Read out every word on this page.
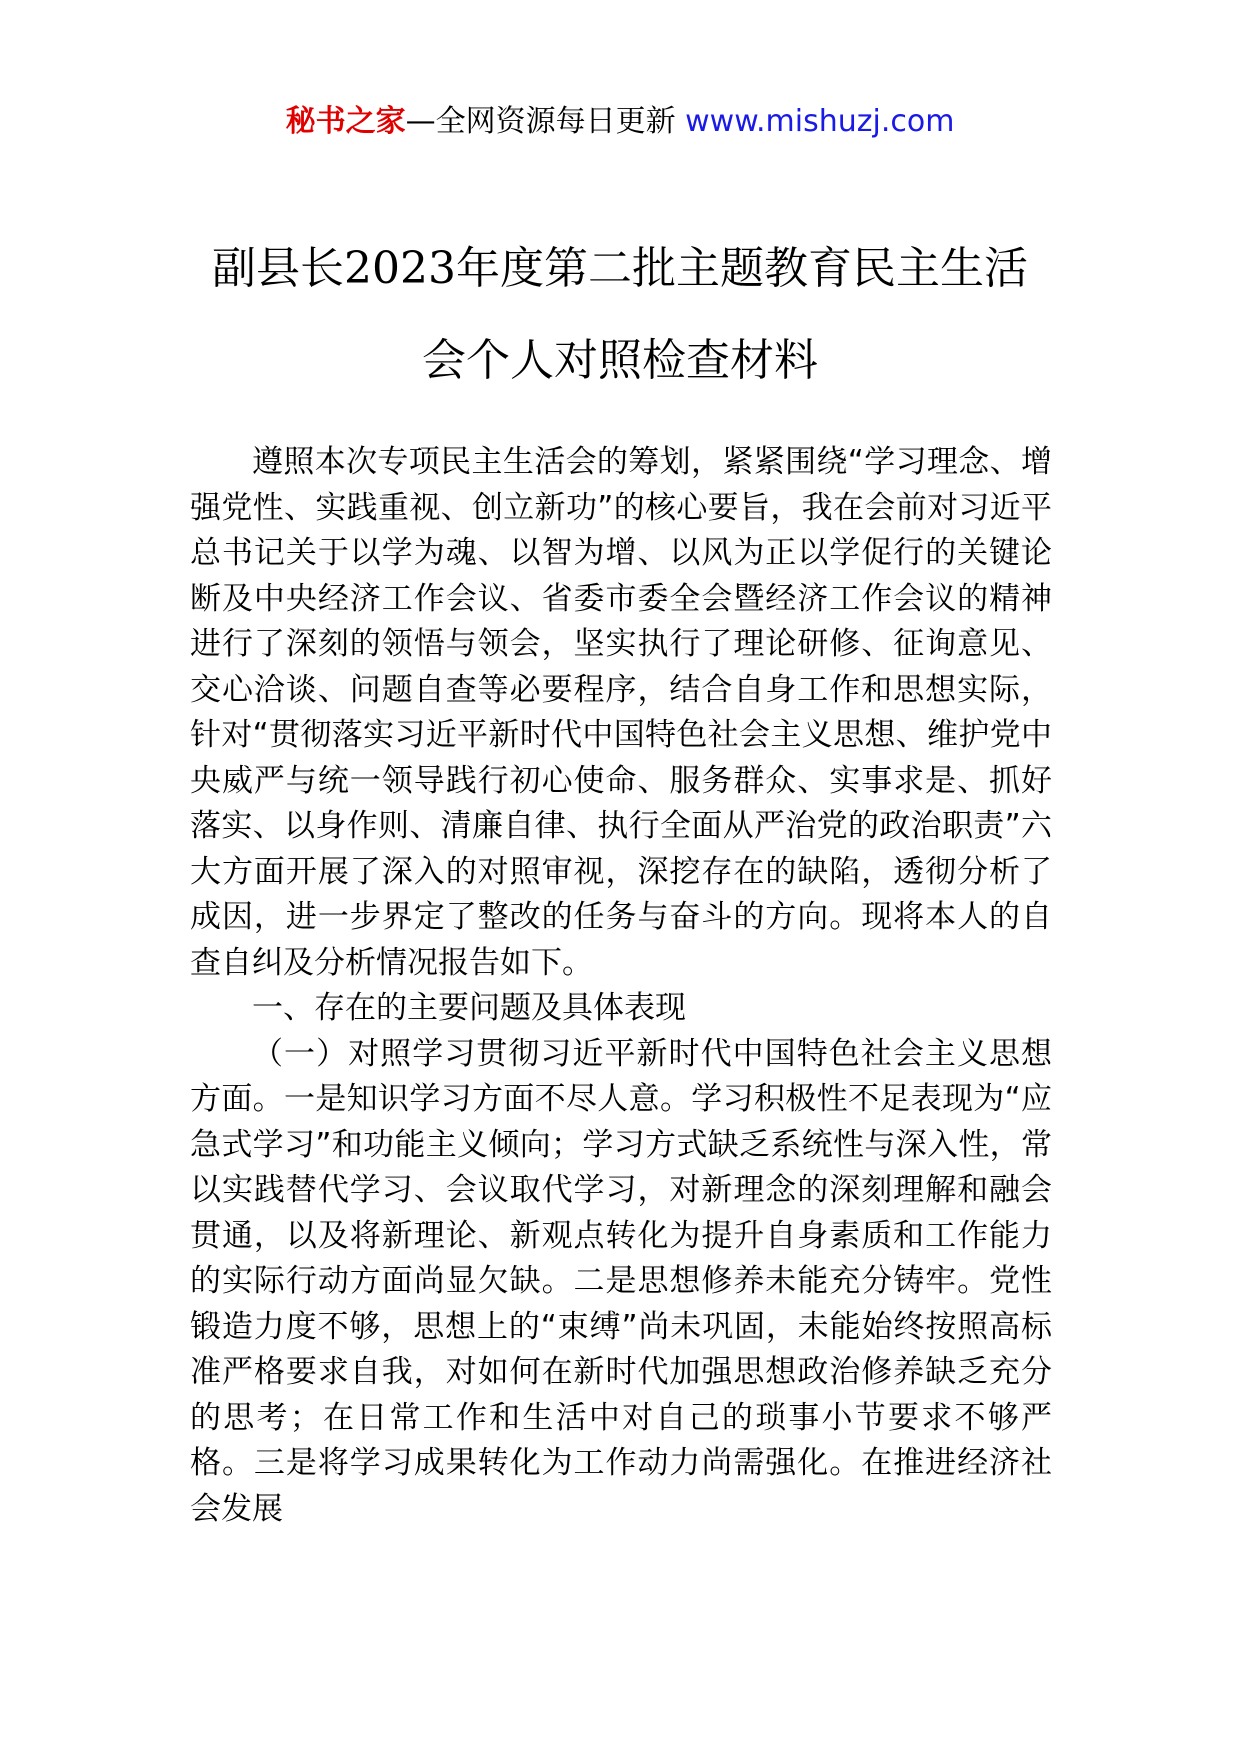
秘书之家—全网资源每日更新 www.mishuzj.com
副县长2023年度第二批主题教育民主生活
会个人对照检查材料

遵照本次专项民主生活会的筹划，紧紧围绕“学习理念、增强党性、实践重视、创立新功”的核心要旨，我在会前对习近平总书记关于以学为魂、以智为增、以风为正以学促行的关键论断及中央经济工作会议、省委市委全会暨经济工作会议的精神进行了深刻的领悟与领会，坚实执行了理论研修、征询意见、交心洽谈、问题自查等必要程序，结合自身工作和思想实际，针对“贯彻落实习近平新时代中国特色社会主义思想、维护党中央威严与统一领导践行初心使命、服务群众、实事求是、抓好落实、以身作则、清廉自律、执行全面从严治党的政治职责”六大方面开展了深入的对照审视，深挖存在的缺陷，透彻分析了成因，进一步界定了整改的任务与奋斗的方向。现将本人的自查自纠及分析情况报告如下。

一、存在的主要问题及具体表现

（一）对照学习贯彻习近平新时代中国特色社会主义思想方面。一是知识学习方面不尽人意。学习积极性不足表现为“应急式学习”和功能主义倾向；学习方式缺乏系统性与深入性，常以实践替代学习、会议取代学习，对新理念的深刻理解和融会贯通，以及将新理论、新观点转化为提升自身素质和工作能力的实际行动方面尚显欠缺。二是思想修养未能充分铸牢。党性锻造力度不够，思想上的“束缚”尚未巩固，未能始终按照高标准严格要求自我，对如何在新时代加强思想政治修养缺乏充分的思考；在日常工作和生活中对自己的琐事小节要求不够严格。三是将学习成果转化为工作动力尚需强化。在推进经济社会发展
